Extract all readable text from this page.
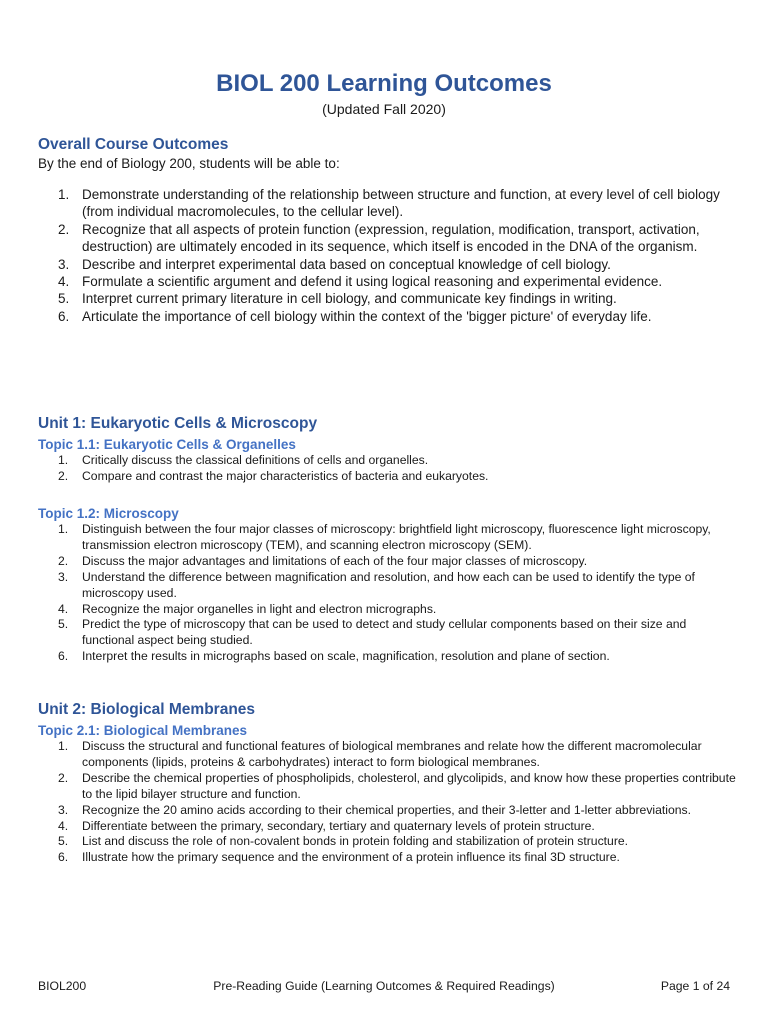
BIOL 200 Learning Outcomes

(Updated Fall 2020)

Overall Course Outcomes

By the end of Biology 200, students will be able to:

1. Demonstrate understanding of the relationship between structure and function, at every level of cell biology (from individual macromolecules, to the cellular level).
2. Recognize that all aspects of protein function (expression, regulation, modification, transport, activation, destruction) are ultimately encoded in its sequence, which itself is encoded in the DNA of the organism.
3. Describe and interpret experimental data based on conceptual knowledge of cell biology.
4. Formulate a scientific argument and defend it using logical reasoning and experimental evidence.
5. Interpret current primary literature in cell biology, and communicate key findings in writing.
6. Articulate the importance of cell biology within the context of the 'bigger picture' of everyday life.
Unit 1: Eukaryotic Cells & Microscopy
Topic 1.1: Eukaryotic Cells & Organelles
1. Critically discuss the classical definitions of cells and organelles.
2. Compare and contrast the major characteristics of bacteria and eukaryotes.
Topic 1.2: Microscopy
1. Distinguish between the four major classes of microscopy: brightfield light microscopy, fluorescence light microscopy, transmission electron microscopy (TEM), and scanning electron microscopy (SEM).
2. Discuss the major advantages and limitations of each of the four major classes of microscopy.
3. Understand the difference between magnification and resolution, and how each can be used to identify the type of microscopy used.
4. Recognize the major organelles in light and electron micrographs.
5. Predict the type of microscopy that can be used to detect and study cellular components based on their size and functional aspect being studied.
6. Interpret the results in micrographs based on scale, magnification, resolution and plane of section.
Unit 2: Biological Membranes
Topic 2.1: Biological Membranes
1. Discuss the structural and functional features of biological membranes and relate how the different macromolecular components (lipids, proteins & carbohydrates) interact to form biological membranes.
2. Describe the chemical properties of phospholipids, cholesterol, and glycolipids, and know how these properties contribute to the lipid bilayer structure and function.
3. Recognize the 20 amino acids according to their chemical properties, and their 3-letter and 1-letter abbreviations.
4. Differentiate between the primary, secondary, tertiary and quaternary levels of protein structure.
5. List and discuss the role of non-covalent bonds in protein folding and stabilization of protein structure.
6. Illustrate how the primary sequence and the environment of a protein influence its final 3D structure.
BIOL200	Pre-Reading Guide (Learning Outcomes & Required Readings)	Page 1 of 24
